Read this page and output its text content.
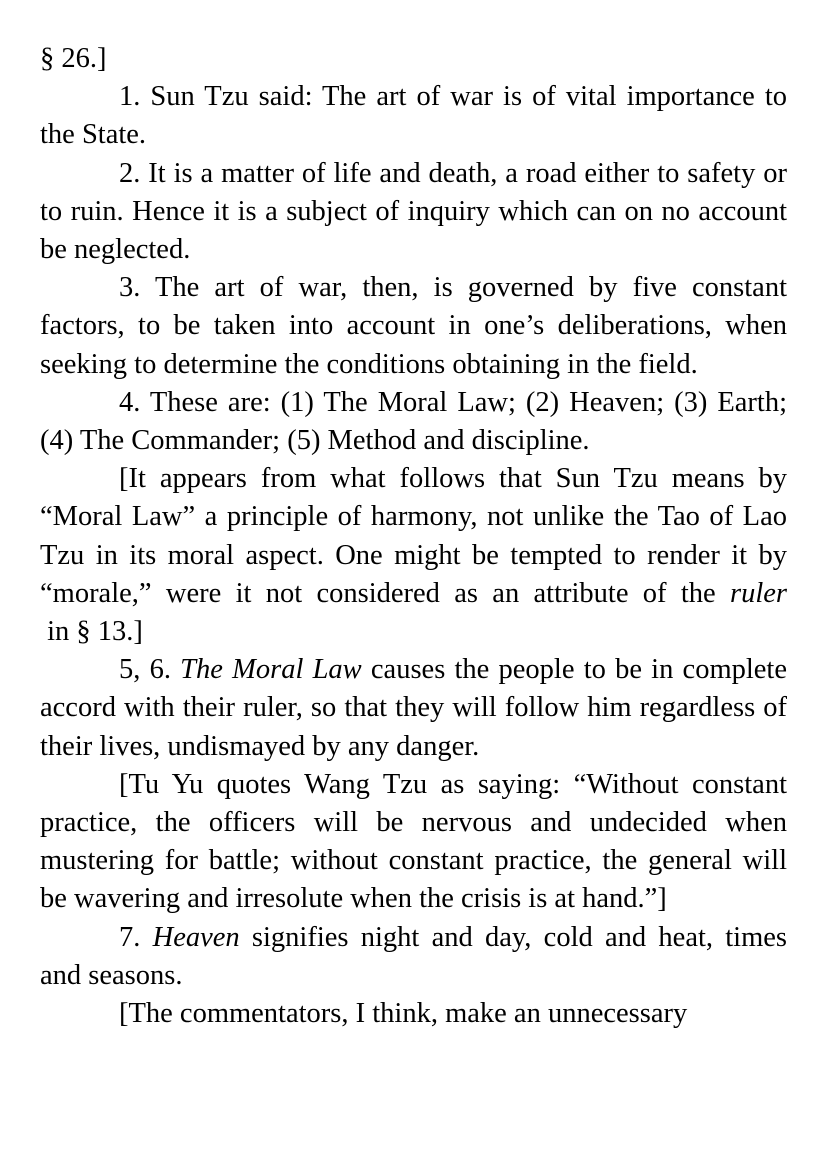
§ 26.]

1. Sun Tzu said: The art of war is of vital importance to the State.

2. It is a matter of life and death, a road either to safety or to ruin. Hence it is a subject of inquiry which can on no account be neglected.

3. The art of war, then, is governed by five constant factors, to be taken into account in one’s deliberations, when seeking to determine the conditions obtaining in the field.

4. These are: (1) The Moral Law; (2) Heaven; (3) Earth; (4) The Commander; (5) Method and discipline.

[It appears from what follows that Sun Tzu means by “Moral Law” a principle of harmony, not unlike the Tao of Lao Tzu in its moral aspect. One might be tempted to render it by “morale,” were it not considered as an attribute of the ruler in § 13.]

5, 6. The Moral Law causes the people to be in complete accord with their ruler, so that they will follow him regardless of their lives, undismayed by any danger.

[Tu Yu quotes Wang Tzu as saying: “Without constant practice, the officers will be nervous and undecided when mustering for battle; without constant practice, the general will be wavering and irresolute when the crisis is at hand.”]

7. Heaven signifies night and day, cold and heat, times and seasons.

[The commentators, I think, make an unnecessary
